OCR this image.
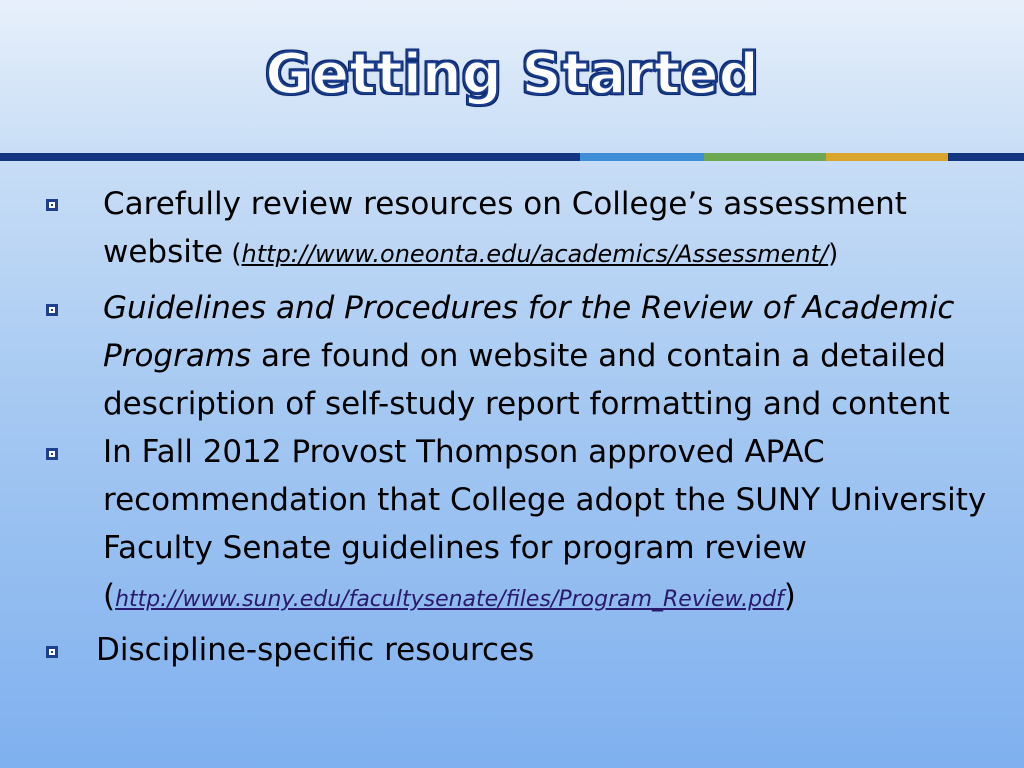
Getting Started
Carefully review resources on College’s assessment website (http://www.oneonta.edu/academics/Assessment/)
Guidelines and Procedures for the Review of Academic Programs are found on website and contain a detailed description of self-study report formatting and content
In Fall 2012 Provost Thompson approved APAC recommendation that College adopt the SUNY University Faculty Senate guidelines for program review (http://www.suny.edu/facultysenate/files/Program_Review.pdf)
Discipline-specific resources
